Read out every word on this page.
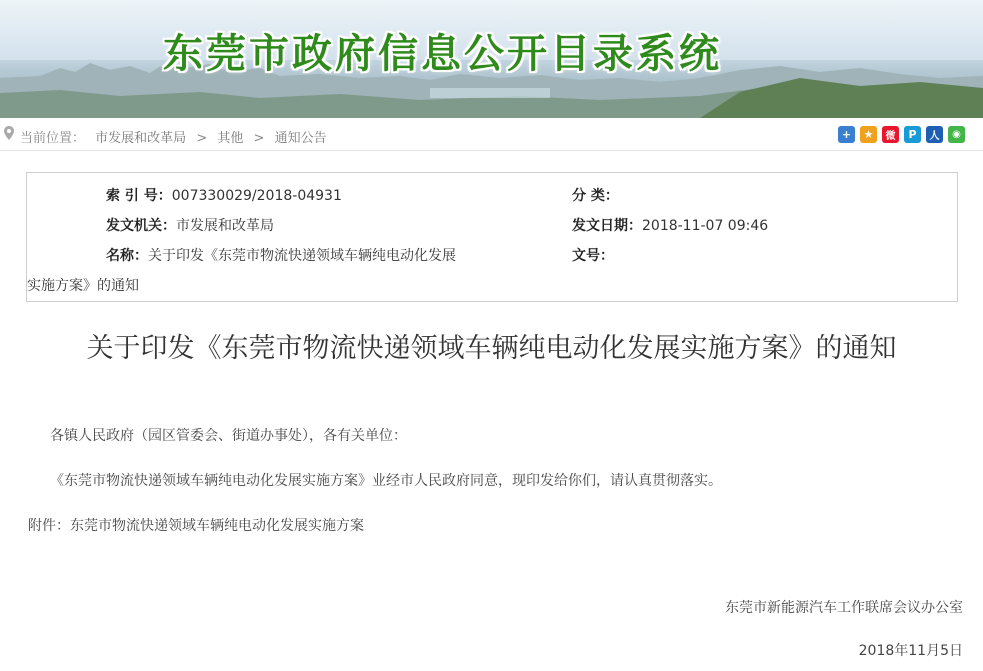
东莞市政府信息公开目录系统
当前位置： 市发展和改革局 > 其他 > 通知公告	+	★	微	P	人	◉
索 引 号：007330029/2018-04931	分 类：
发文机关：市发展和改革局	发文日期：2018-11-07 09:46
名称：关于印发《东莞市物流快递领域车辆纯电动化发展
实施方案》的通知
文号：
关于印发《东莞市物流快递领域车辆纯电动化发展实施方案》的通知
各镇人民政府（园区管委会、街道办事处），各有关单位：
《东莞市物流快递领域车辆纯电动化发展实施方案》业经市人民政府同意，现印发给你们，请认真贯彻落实。
附件：东莞市物流快递领域车辆纯电动化发展实施方案
东莞市新能源汽车工作联席会议办公室
2018年11月5日
